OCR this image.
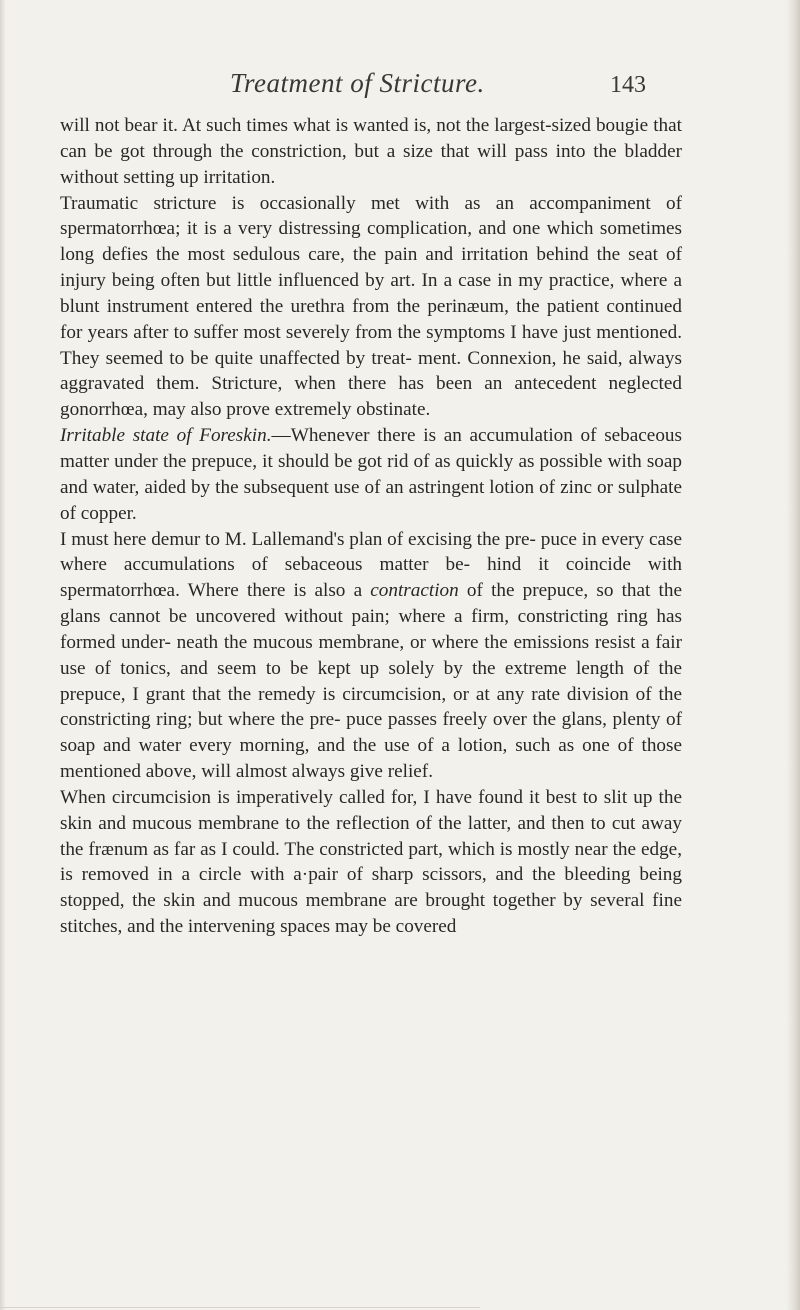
Treatment of Stricture.	143

will not bear it. At such times what is wanted is, not the largest-sized bougie that can be got through the constriction, but a size that will pass into the bladder without setting up irritation.

Traumatic stricture is occasionally met with as an accompaniment of spermatorrhœa; it is a very distressing complication, and one which sometimes long defies the most sedulous care, the pain and irritation behind the seat of injury being often but little influenced by art. In a case in my practice, where a blunt instrument entered the urethra from the perinæum, the patient continued for years after to suffer most severely from the symptoms I have just mentioned. They seemed to be quite unaffected by treat- ment. Connexion, he said, always aggravated them. Stricture, when there has been an antecedent neglected gonorrhœa, may also prove extremely obstinate.

Irritable state of Foreskin.—Whenever there is an accumulation of sebaceous matter under the prepuce, it should be got rid of as quickly as possible with soap and water, aided by the subsequent use of an astringent lotion of zinc or sulphate of copper.

I must here demur to M. Lallemand's plan of excising the pre- puce in every case where accumulations of sebaceous matter be- hind it coincide with spermatorrhœa. Where there is also a contraction of the prepuce, so that the glans cannot be uncovered without pain; where a firm, constricting ring has formed under- neath the mucous membrane, or where the emissions resist a fair use of tonics, and seem to be kept up solely by the extreme length of the prepuce, I grant that the remedy is circumcision, or at any rate division of the constricting ring; but where the pre- puce passes freely over the glans, plenty of soap and water every morning, and the use of a lotion, such as one of those mentioned above, will almost always give relief.

When circumcision is imperatively called for, I have found it best to slit up the skin and mucous membrane to the reflection of the latter, and then to cut away the frænum as far as I could. The constricted part, which is mostly near the edge, is removed in a circle with a·pair of sharp scissors, and the bleeding being stopped, the skin and mucous membrane are brought together by several fine stitches, and the intervening spaces may be covered
